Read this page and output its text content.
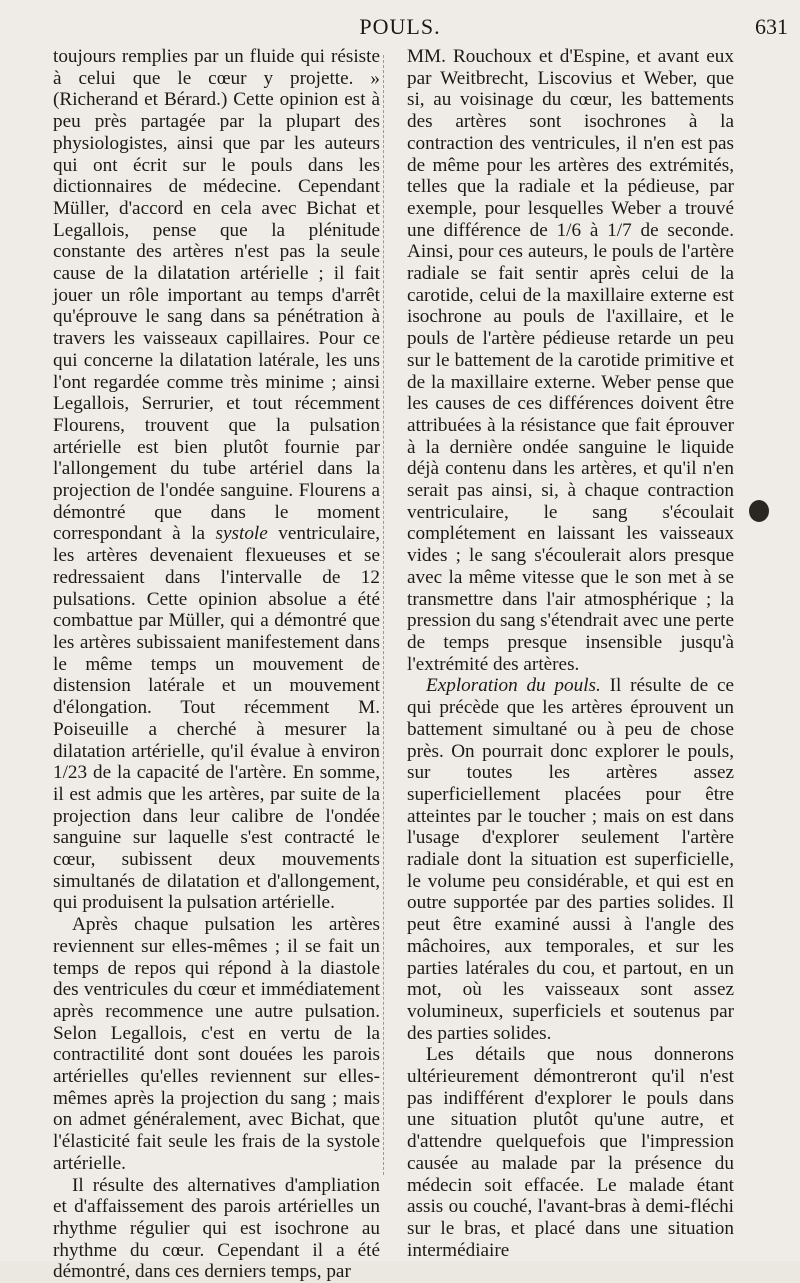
POULS.	631

toujours remplies par un fluide qui résiste à celui que le cœur y projette. » (Richerand et Bérard.) Cette opinion est à peu près partagée par la plupart des physiologistes, ainsi que par les auteurs qui ont écrit sur le pouls dans les dictionnaires de médecine. Cependant Müller, d'accord en cela avec Bichat et Legallois, pense que la plénitude constante des artères n'est pas la seule cause de la dilatation artérielle ; il fait jouer un rôle important au temps d'arrêt qu'éprouve le sang dans sa pénétration à travers les vaisseaux capillaires. Pour ce qui concerne la dilatation latérale, les uns l'ont regardée comme très minime ; ainsi Legallois, Serrurier, et tout récemment Flourens, trouvent que la pulsation artérielle est bien plutôt fournie par l'allongement du tube artériel dans la projection de l'ondée sanguine. Flourens a démontré que dans le moment correspondant à la systole ventriculaire, les artères devenaient flexueuses et se redressaient dans l'intervalle de 12 pulsations. Cette opinion absolue a été combattue par Müller, qui a démontré que les artères subissaient manifestement dans le même temps un mouvement de distension latérale et un mouvement d'élongation. Tout récemment M. Poiseuille a cherché à mesurer la dilatation artérielle, qu'il évalue à environ 1/23 de la capacité de l'artère. En somme, il est admis que les artères, par suite de la projection dans leur calibre de l'ondée sanguine sur laquelle s'est contracté le cœur, subissent deux mouvements simultanés de dilatation et d'allongement, qui produisent la pulsation artérielle.

Après chaque pulsation les artères reviennent sur elles-mêmes ; il se fait un temps de repos qui répond à la diastole des ventricules du cœur et immédiatement après recommence une autre pulsation. Selon Legallois, c'est en vertu de la contractilité dont sont douées les parois artérielles qu'elles reviennent sur elles-mêmes après la projection du sang ; mais on admet généralement, avec Bichat, que l'élasticité fait seule les frais de la systole artérielle.

Il résulte des alternatives d'ampliation et d'affaissement des parois artérielles un rhythme régulier qui est isochrone au rhythme du cœur. Cependant il a été démontré, dans ces derniers temps, par

MM. Rouchoux et d'Espine, et avant eux par Weitbrecht, Liscovius et Weber, que si, au voisinage du cœur, les battements des artères sont isochrones à la contraction des ventricules, il n'en est pas de même pour les artères des extrémités, telles que la radiale et la pédieuse, par exemple, pour lesquelles Weber a trouvé une différence de 1/6 à 1/7 de seconde. Ainsi, pour ces auteurs, le pouls de l'artère radiale se fait sentir après celui de la carotide, celui de la maxillaire externe est isochrone au pouls de l'axillaire, et le pouls de l'artère pédieuse retarde un peu sur le battement de la carotide primitive et de la maxillaire externe. Weber pense que les causes de ces différences doivent être attribuées à la résistance que fait éprouver à la dernière ondée sanguine le liquide déjà contenu dans les artères, et qu'il n'en serait pas ainsi, si, à chaque contraction ventriculaire, le sang s'écoulait complétement en laissant les vaisseaux vides ; le sang s'écoulerait alors presque avec la même vitesse que le son met à se transmettre dans l'air atmosphérique ; la pression du sang s'étendrait avec une perte de temps presque insensible jusqu'à l'extrémité des artères.

Exploration du pouls. Il résulte de ce qui précède que les artères éprouvent un battement simultané ou à peu de chose près. On pourrait donc explorer le pouls, sur toutes les artères assez superficiellement placées pour être atteintes par le toucher ; mais on est dans l'usage d'explorer seulement l'artère radiale dont la situation est superficielle, le volume peu considérable, et qui est en outre supportée par des parties solides. Il peut être examiné aussi à l'angle des mâchoires, aux temporales, et sur les parties latérales du cou, et partout, en un mot, où les vaisseaux sont assez volumineux, superficiels et soutenus par des parties solides.

Les détails que nous donnerons ultérieurement démontreront qu'il n'est pas indifférent d'explorer le pouls dans une situation plutôt qu'une autre, et d'attendre quelquefois que l'impression causée au malade par la présence du médecin soit effacée. Le malade étant assis ou couché, l'avant-bras à demi-fléchi sur le bras, et placé dans une situation intermédiaire
